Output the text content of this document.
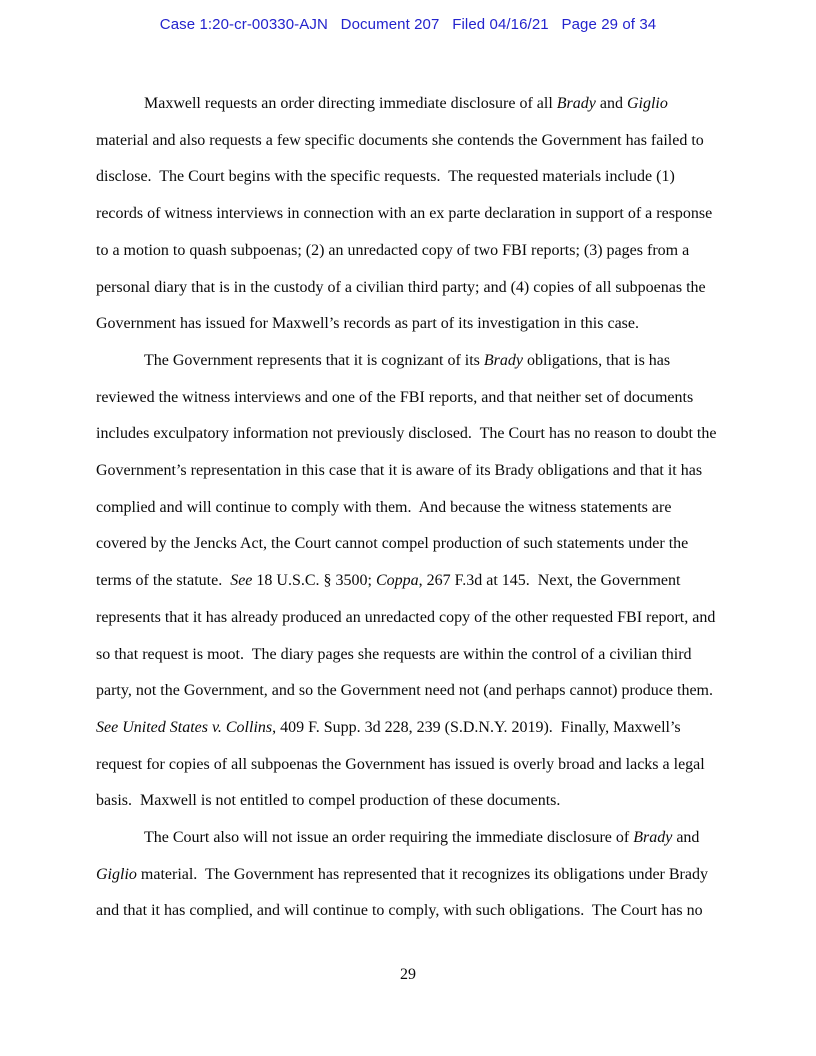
Case 1:20-cr-00330-AJN   Document 207   Filed 04/16/21   Page 29 of 34
Maxwell requests an order directing immediate disclosure of all Brady and Giglio
material and also requests a few specific documents she contends the Government has failed to
disclose.  The Court begins with the specific requests.  The requested materials include (1)
records of witness interviews in connection with an ex parte declaration in support of a response
to a motion to quash subpoenas; (2) an unredacted copy of two FBI reports; (3) pages from a
personal diary that is in the custody of a civilian third party; and (4) copies of all subpoenas the
Government has issued for Maxwell’s records as part of its investigation in this case.
The Government represents that it is cognizant of its Brady obligations, that is has
reviewed the witness interviews and one of the FBI reports, and that neither set of documents
includes exculpatory information not previously disclosed.  The Court has no reason to doubt the
Government’s representation in this case that it is aware of its Brady obligations and that it has
complied and will continue to comply with them.  And because the witness statements are
covered by the Jencks Act, the Court cannot compel production of such statements under the
terms of the statute.  See 18 U.S.C. § 3500; Coppa, 267 F.3d at 145.  Next, the Government
represents that it has already produced an unredacted copy of the other requested FBI report, and
so that request is moot.  The diary pages she requests are within the control of a civilian third
party, not the Government, and so the Government need not (and perhaps cannot) produce them.
See United States v. Collins, 409 F. Supp. 3d 228, 239 (S.D.N.Y. 2019).  Finally, Maxwell’s
request for copies of all subpoenas the Government has issued is overly broad and lacks a legal
basis.  Maxwell is not entitled to compel production of these documents.
The Court also will not issue an order requiring the immediate disclosure of Brady and
Giglio material.  The Government has represented that it recognizes its obligations under Brady
and that it has complied, and will continue to comply, with such obligations.  The Court has no
29
